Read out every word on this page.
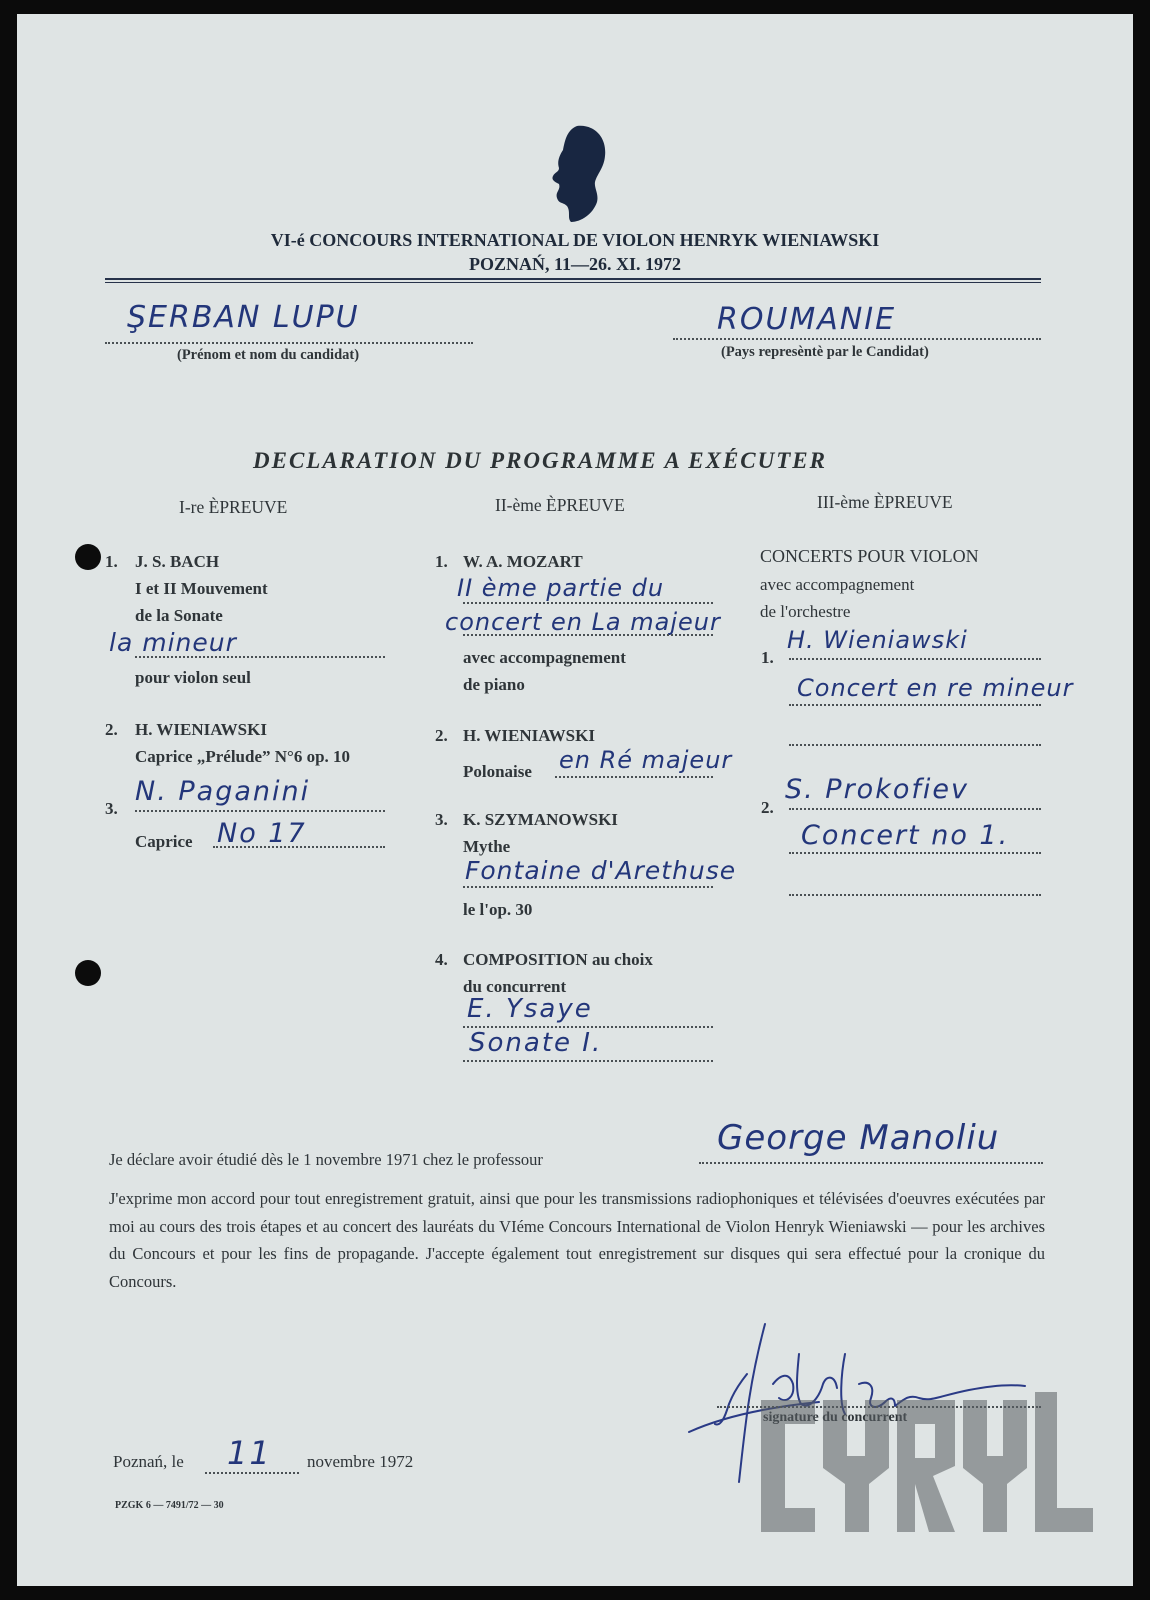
VI-é CONCOURS INTERNATIONAL DE VIOLON HENRYK WIENIAWSKI
POZNAŃ, 11—26. XI. 1972
ŞERBAN LUPU
(Prénom et nom du candidat)
ROUMANIE
(Pays represèntè par le Candidat)
DECLARATION DU PROGRAMME A EXÉCUTER
I-re ÈPREUVE	II-ème ÈPREUVE	III-ème ÈPREUVE
1. J. S. BACH
I et II Mouvement
de la Sonate
la mineur
pour violon seul
2. H. WIENIAWSKI
Caprice „Prélude” N°6 op. 10
3.
N. Paganini
Caprice No 17
1. W. A. MOZART
II ème partie du
concert en La majeur
avec accompagnement
de piano
2. H. WIENIAWSKI
Polonaise en Ré majeur
3. K. SZYMANOWSKI
Mythe
Fontaine d'Arethuse
le l'op. 30
4. COMPOSITION au choix
du concurrent
E. Ysaye
Sonate I.
CONCERTS POUR VIOLON
avec accompagnement
de l'orchestre
1.
H. Wieniawski
Concert en re mineur
2.
S. Prokofiev
Concert no 1.
Je déclare avoir étudié dès le 1 novembre 1971 chez le professour
George Manoliu
J'exprime mon accord pour tout enregistrement gratuit, ainsi que pour les transmissions radiophoniques et télévisées d'oeuvres exécutées par moi au cours des trois étapes et au concert des lauréats du VIéme Concours International de Violon Henryk Wieniawski — pour les archives du Concours et pour les fins de propagande. J'accepte également tout enregistrement sur disques qui sera effectué pour la cronique du Concours.
Poznań, le 11 novembre 1972
PZGK 6 — 7491/72 — 30
